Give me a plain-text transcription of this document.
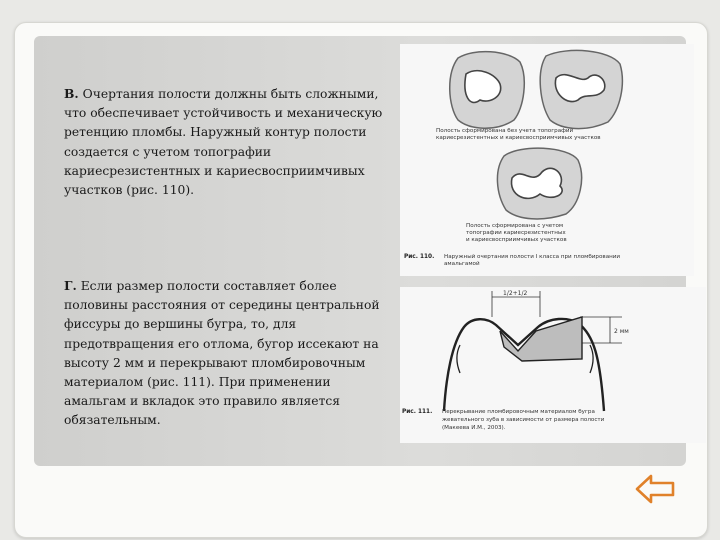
В. Очертания полости должны быть сложными, что обеспечивает устойчивость и механическую ретенцию пломбы. Наружный контур полости создается с учетом топографии кариесрезистентных и кариесвосприимчивых участков (рис. 110).

Г. Если размер полости составляет более половины расстояния от середины центральной фиссуры до вершины бугра, то, для предотвращения его отлома, бугор иссекают на высоту 2 мм и перекрывают пломбировочным материалом (рис. 111). При применении амальгам и вкладок это правило является обязательным.

Полость сформирована без учета топографии
кариесрезистентных и кариесвосприимчивых участков
Полость сформирована с учетом
топографии кариесрезистентных
и кариесвосприимчивых участков
Рис. 110. Наружный очертания полости I класса при пломбировании
амальгамой
1/2+1/2
2 мм
Рис. 111. Перекрывание пломбировочным материалом бугра
жевательного зуба в зависимости от размера полости
(Макеева И.М., 2003).
